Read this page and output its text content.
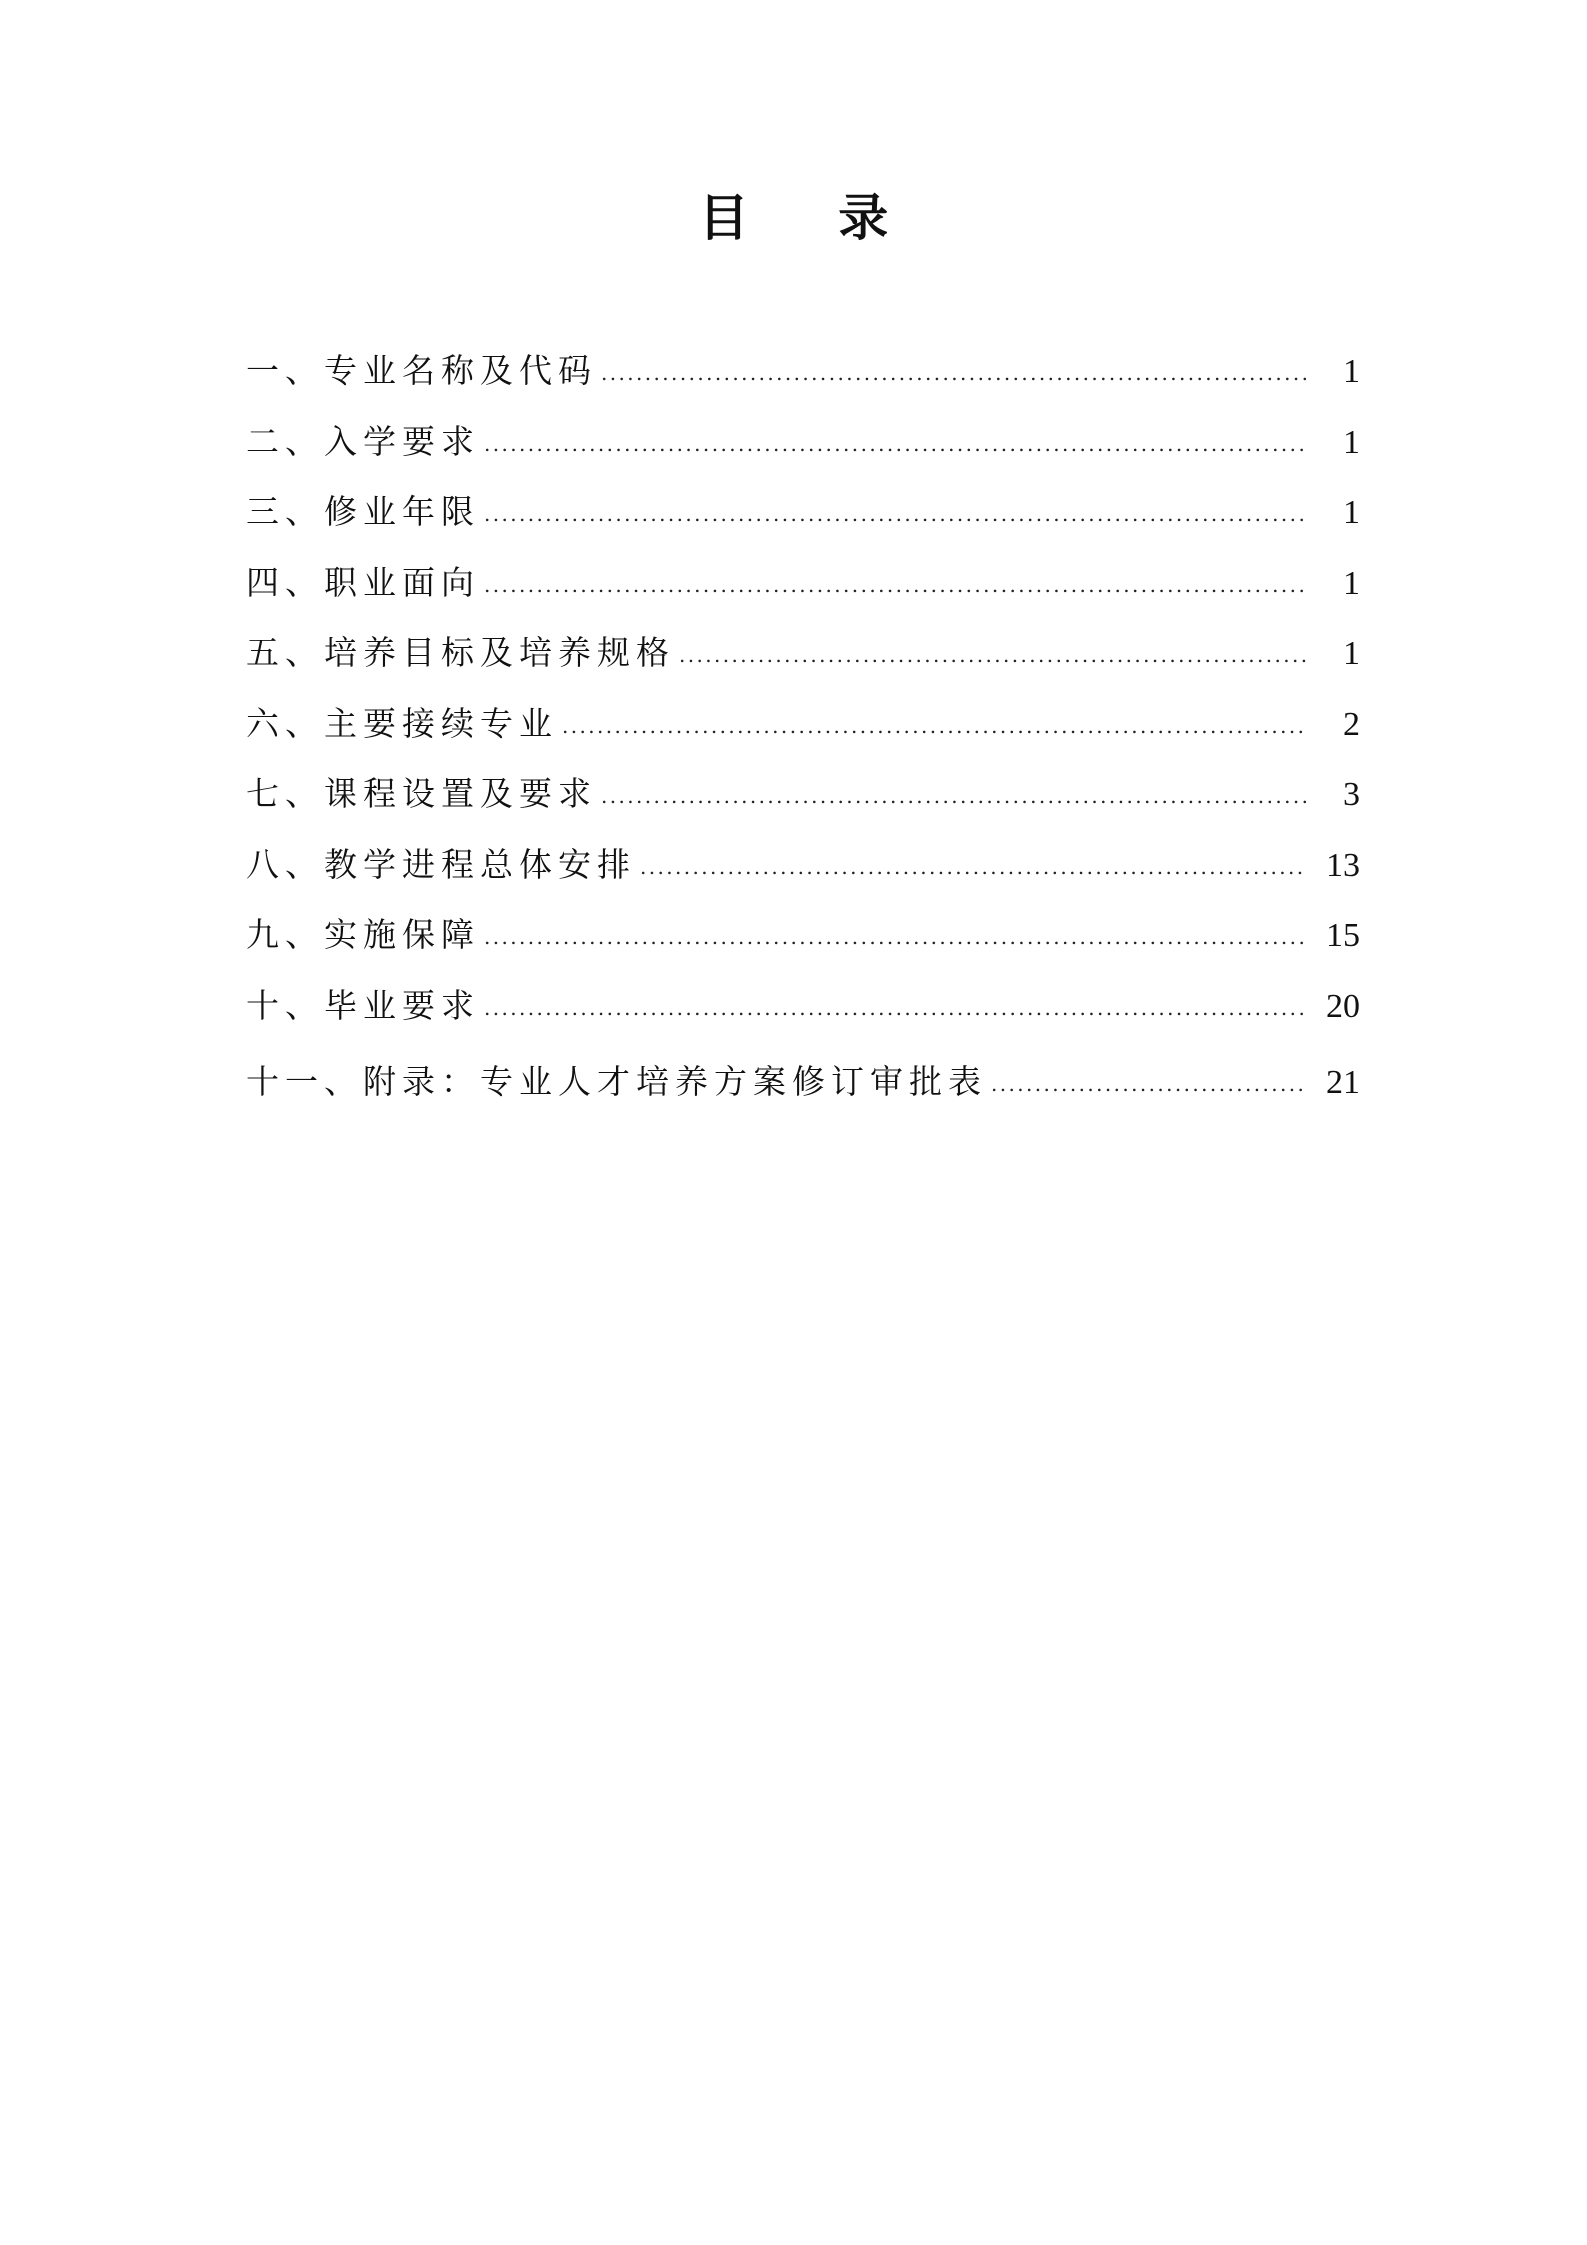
目 录
一、专业名称及代码 .....	1
二、入学要求 .....	1
三、修业年限 .....	1
四、职业面向 .....	1
五、培养目标及培养规格 .....	1
六、主要接续专业 .....	2
七、课程设置及要求 .....	3
八、教学进程总体安排 .....	13
九、实施保障 .....	15
十、毕业要求 .....	20
十一、附录：专业人才培养方案修订审批表 .....	21
